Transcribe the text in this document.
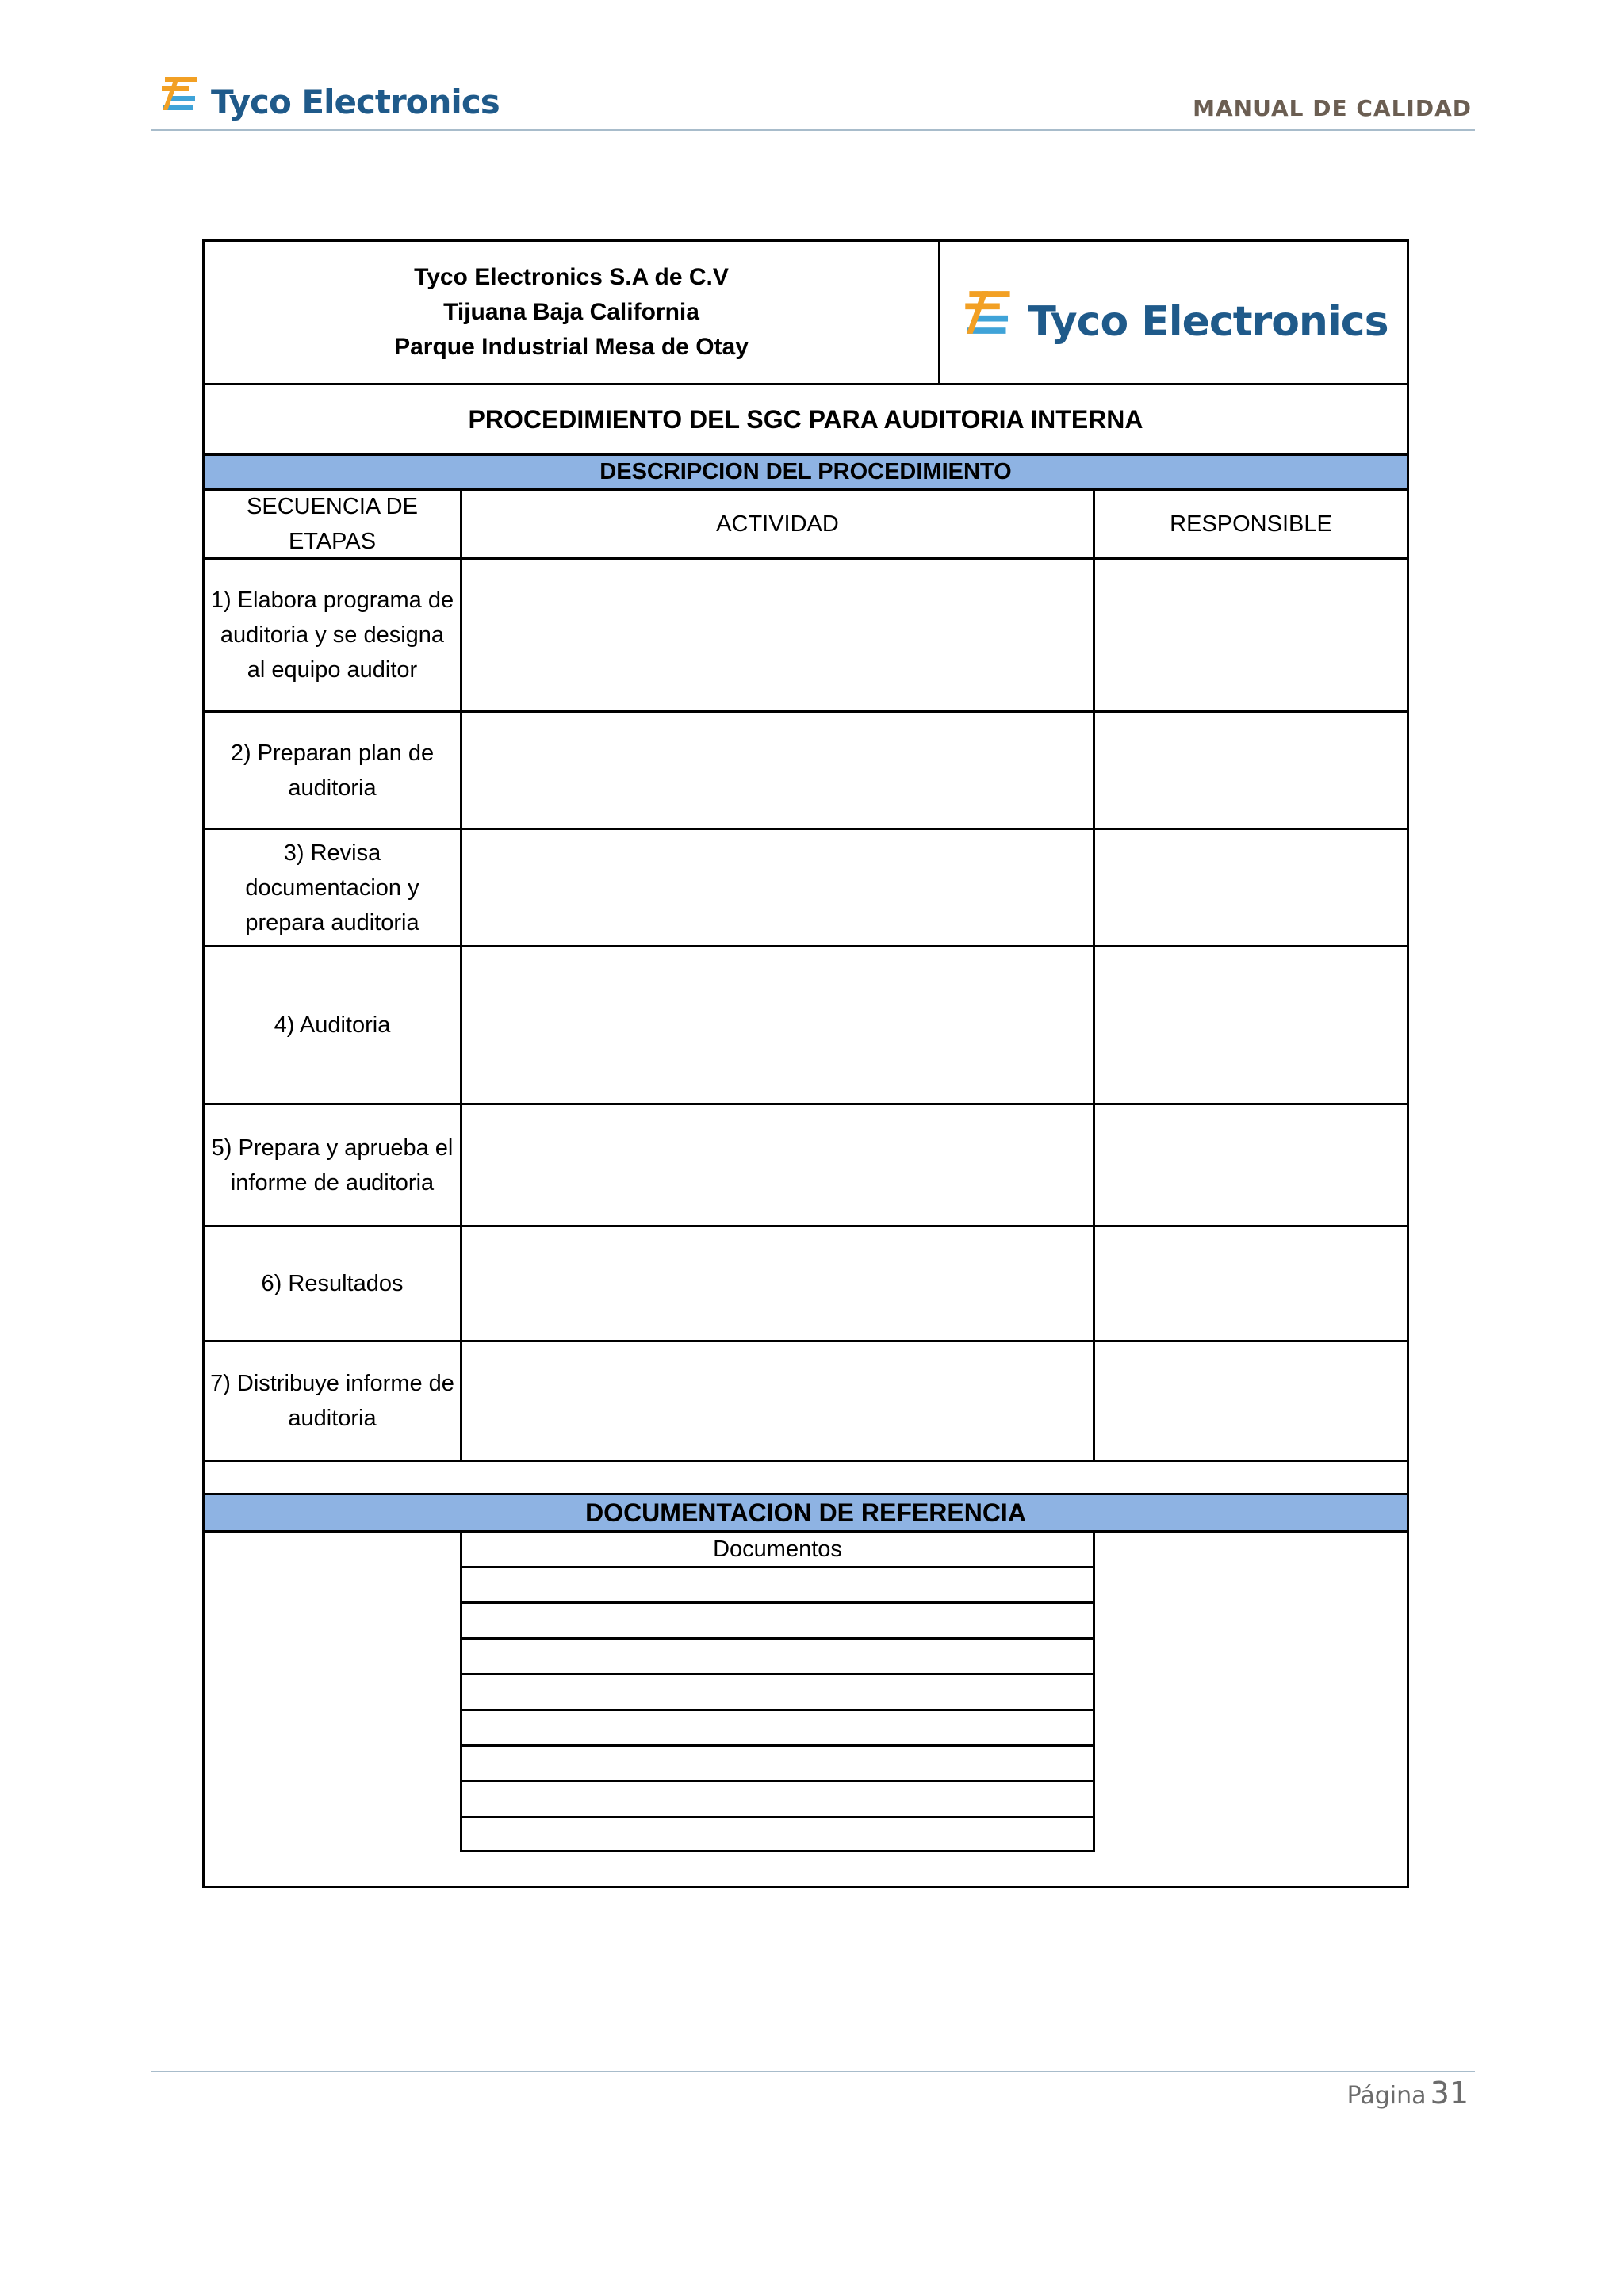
Tyco Electronics	MANUAL DE CALIDAD
Tyco Electronics S.A de C.V
Tijuana Baja California
Parque Industrial Mesa de Otay
Tyco Electronics
PROCEDIMIENTO DEL SGC PARA AUDITORIA INTERNA
DESCRIPCION DEL PROCEDIMIENTO
SECUENCIA DE ETAPAS
ACTIVIDAD	RESPONSIBLE
1) Elabora programa de auditoria y se designa al equipo auditor
2) Preparan plan de auditoria
3) Revisa documentacion y prepara auditoria
4) Auditoria
5) Prepara y aprueba el informe de auditoria
6) Resultados
7) Distribuye informe de auditoria
DOCUMENTACION DE REFERENCIA
Documentos
Página 31
